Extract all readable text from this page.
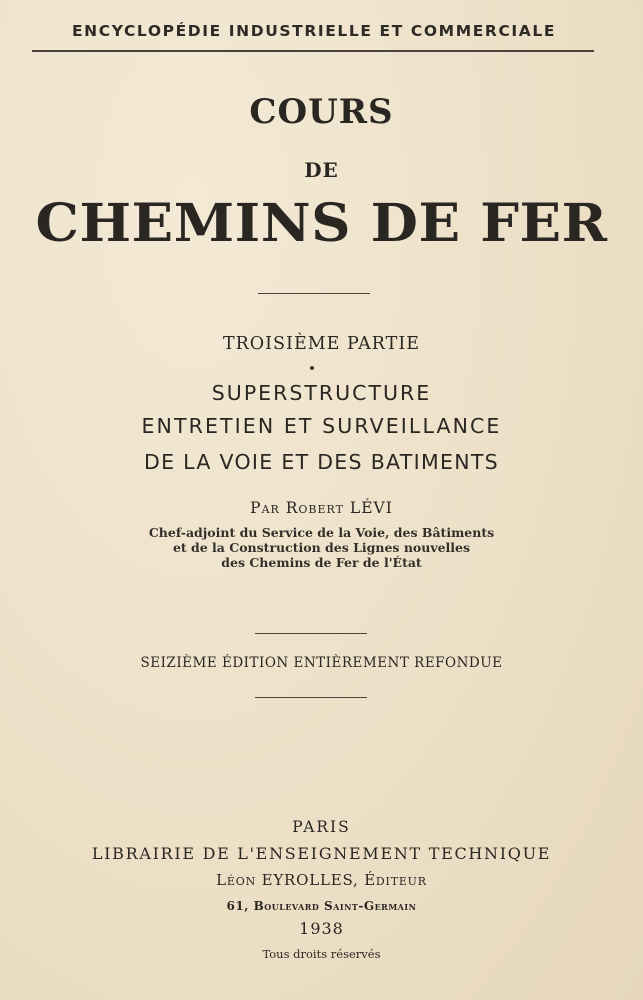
ENCYCLOPÉDIE INDUSTRIELLE ET COMMERCIALE
COURS
DE
CHEMINS DE FER
TROISIÈME PARTIE
SUPERSTRUCTURE
ENTRETIEN ET SURVEILLANCE
DE LA VOIE ET DES BATIMENTS
Par Robert LÉVI
Chef-adjoint du Service de la Voie, des Bâtiments
et de la Construction des Lignes nouvelles
des Chemins de Fer de l'État
SEIZIÈME ÉDITION ENTIÈREMENT REFONDUE
PARIS
LIBRAIRIE DE L'ENSEIGNEMENT TECHNIQUE
Léon EYROLLES, Éditeur
61, Boulevard Saint-Germain
1938
Tous droits réservés
